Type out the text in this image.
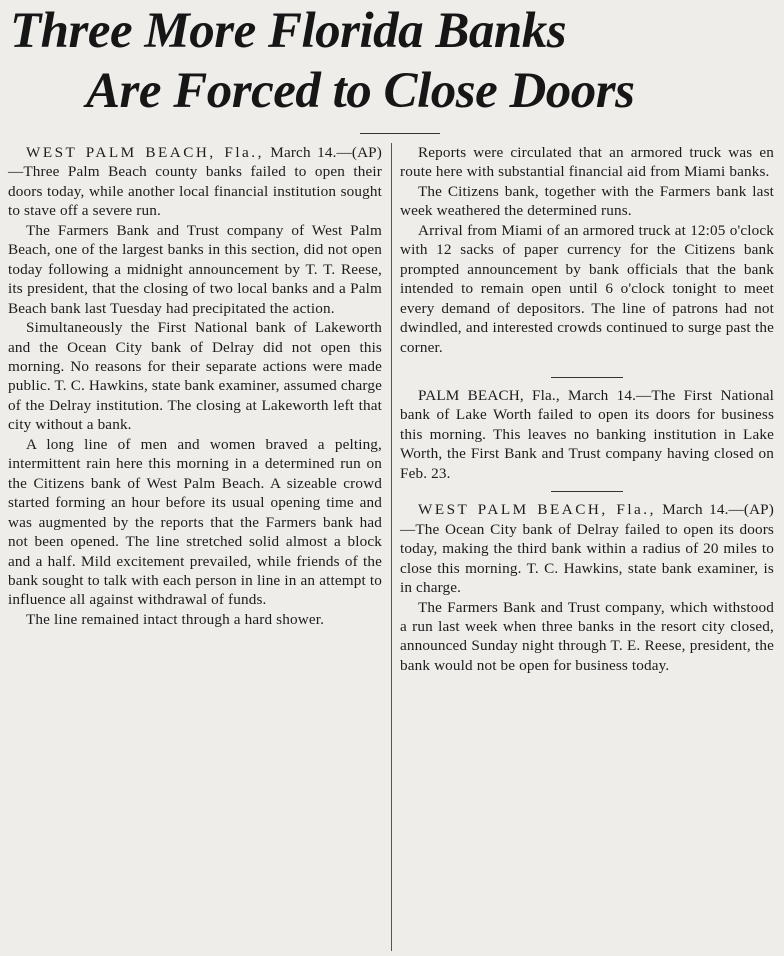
Three More Florida Banks
Are Forced to Close Doors

WEST PALM BEACH, Fla., March 14.—(AP)—Three Palm Beach county banks failed to open their doors today, while another local financial institution sought to stave off a severe run.

The Farmers Bank and Trust company of West Palm Beach, one of the largest banks in this section, did not open today following a midnight announcement by T. T. Reese, its president, that the closing of two local banks and a Palm Beach bank last Tuesday had precipitated the action.

Simultaneously the First National bank of Lakeworth and the Ocean City bank of Delray did not open this morning. No reasons for their separate actions were made public. T. C. Hawkins, state bank examiner, assumed charge of the Delray institution. The closing at Lakeworth left that city without a bank.

A long line of men and women braved a pelting, intermittent rain here this morning in a determined run on the Citizens bank of West Palm Beach. A sizeable crowd started forming an hour before its usual opening time and was augmented by the reports that the Farmers bank had not been opened. The line stretched solid almost a block and a half. Mild excitement prevailed, while friends of the bank sought to talk with each person in line in an attempt to influence all against withdrawal of funds.

The line remained intact through a hard shower.

Reports were circulated that an armored truck was en route here with substantial financial aid from Miami banks.

The Citizens bank, together with the Farmers bank last week weathered the determined runs.

Arrival from Miami of an armored truck at 12:05 o'clock with 12 sacks of paper currency for the Citizens bank prompted announcement by bank officials that the bank intended to remain open until 6 o'clock tonight to meet every demand of depositors. The line of patrons had not dwindled, and interested crowds continued to surge past the corner.

PALM BEACH, Fla., March 14.—The First National bank of Lake Worth failed to open its doors for business this morning. This leaves no banking institution in Lake Worth, the First Bank and Trust company having closed on Feb. 23.

WEST PALM BEACH, Fla., March 14.—(AP)—The Ocean City bank of Delray failed to open its doors today, making the third bank within a radius of 20 miles to close this morning. T. C. Hawkins, state bank examiner, is in charge.

The Farmers Bank and Trust company, which withstood a run last week when three banks in the resort city closed, announced Sunday night through T. E. Reese, president, the bank would not be open for business today.
